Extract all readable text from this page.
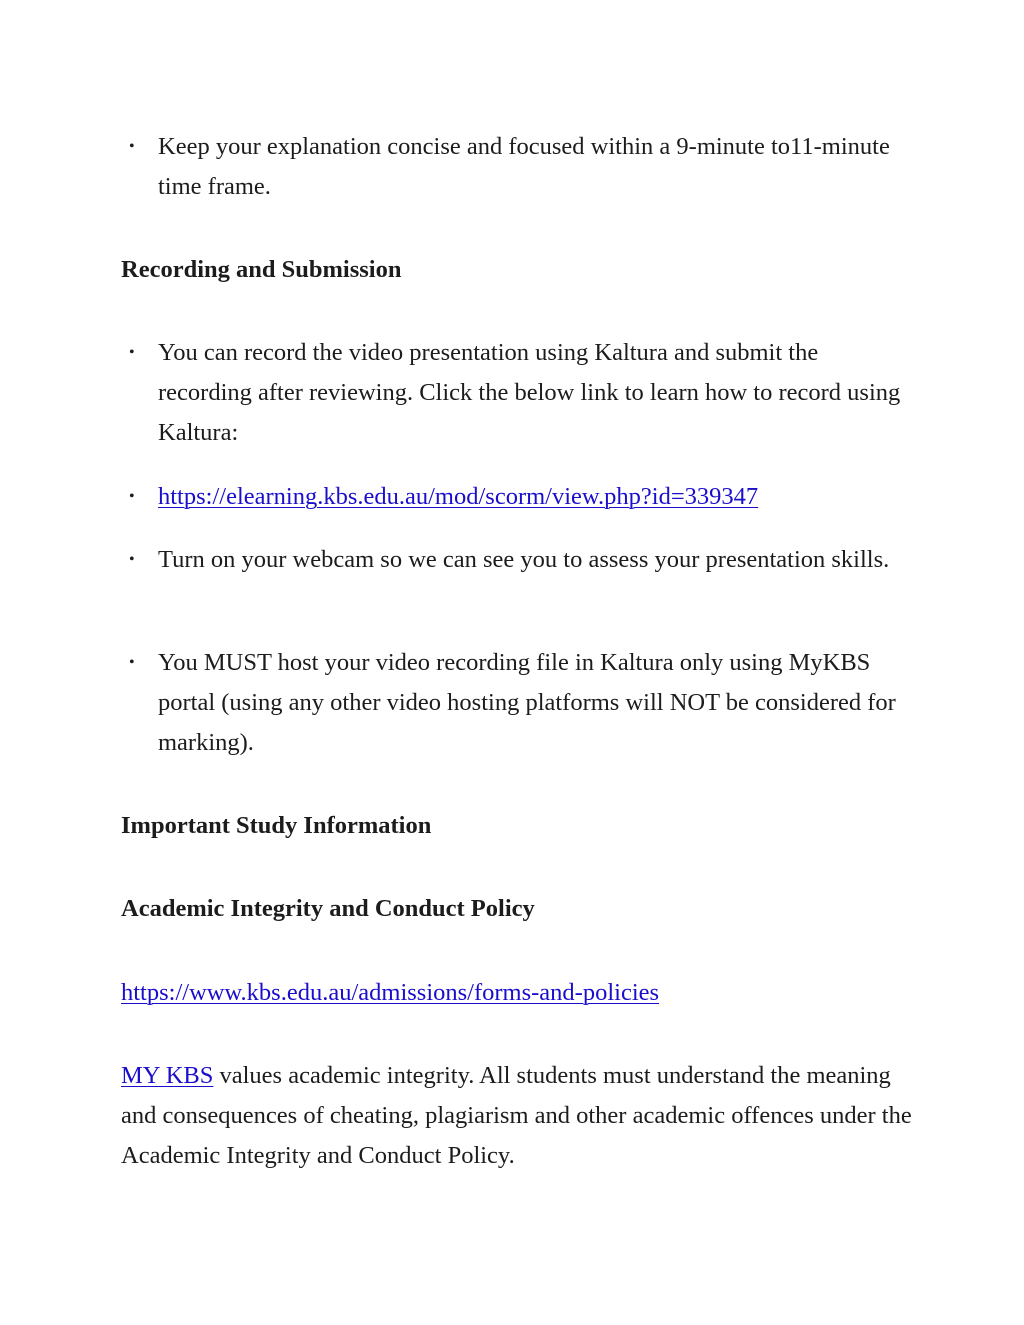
• Keep your explanation concise and focused within a 9-minute to11-minute time frame.
Recording and Submission
• You can record the video presentation using Kaltura and submit the recording after reviewing. Click the below link to learn how to record using Kaltura:
• https://elearning.kbs.edu.au/mod/scorm/view.php?id=339347
• Turn on your webcam so we can see you to assess your presentation skills.
• You MUST host your video recording file in Kaltura only using MyKBS portal (using any other video hosting platforms will NOT be considered for marking).
Important Study Information
Academic Integrity and Conduct Policy

https://www.kbs.edu.au/admissions/forms-and-policies

MY KBS values academic integrity. All students must understand the meaning and consequences of cheating, plagiarism and other academic offences under the Academic Integrity and Conduct Policy.
